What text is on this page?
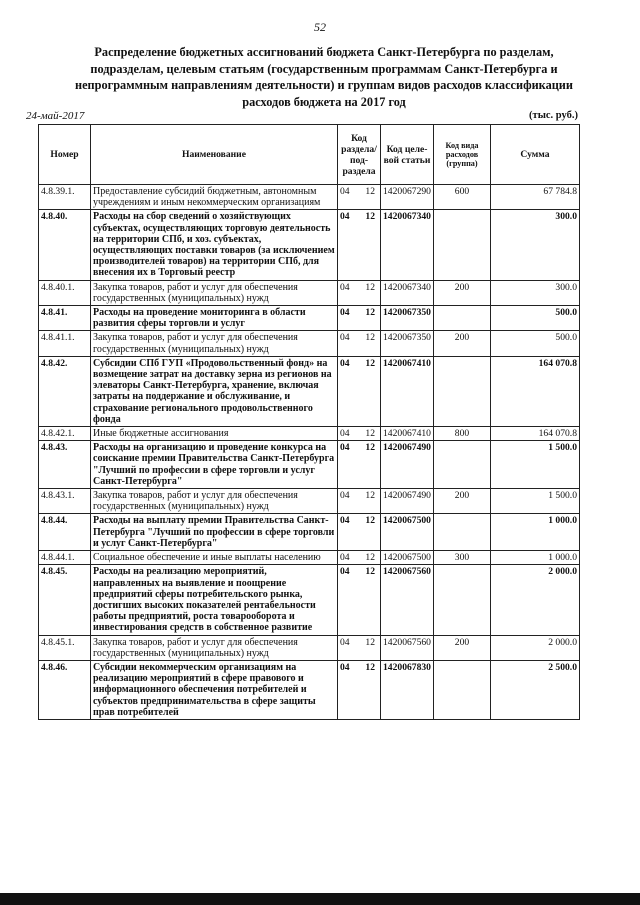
52
Распределение бюджетных ассигнований бюджета Санкт-Петербурга по разделам, подразделам, целевым статьям (государственным программам Санкт-Петербурга и непрограммным направлениям деятельности) и группам видов расходов классификации расходов бюджета на 2017 год
24-май-2017	(тыс. руб.)
Номер	Наименование	Код раздела/ под- раздела	Код целе- вой статьи	Код вида расходов (группа)	Сумма
4.8.39.1.	Предоставление субсидий бюджетным, автономным учреждениям и иным некоммерческим организациям	04 12	1420067290	600	67 784.8
4.8.40.	Расходы на сбор сведений о хозяйствующих субъектах, осуществляющих торговую деятельность на территории СПб, и хоз. субъектах, осуществляющих поставки товаров (за исключением производителей товаров) на территории СПб, для внесения их в Торговый реестр	04 12	1420067340		300.0
4.8.40.1.	Закупка товаров, работ и услуг для обеспечения государственных (муниципальных) нужд	04 12	1420067340	200	300.0
4.8.41.	Расходы на проведение мониторинга в области развития сферы торговли и услуг	04 12	1420067350		500.0
4.8.41.1.	Закупка товаров, работ и услуг для обеспечения государственных (муниципальных) нужд	04 12	1420067350	200	500.0
4.8.42.	Субсидии СПб ГУП «Продовольственный фонд» на возмещение затрат на доставку зерна из регионов на элеваторы Санкт-Петербурга, хранение, включая затраты на поддержание и обслуживание, и страхование регионального продовольственного фонда	04 12	1420067410		164 070.8
4.8.42.1.	Иные бюджетные ассигнования	04 12	1420067410	800	164 070.8
4.8.43.	Расходы на организацию и проведение конкурса на соискание премии Правительства Санкт-Петербурга "Лучший по профессии в сфере торговли и услуг Санкт-Петербурга"	04 12	1420067490		1 500.0
4.8.43.1.	Закупка товаров, работ и услуг для обеспечения государственных (муниципальных) нужд	04 12	1420067490	200	1 500.0
4.8.44.	Расходы на выплату премии Правительства Санкт-Петербурга "Лучший по профессии в сфере торговли и услуг Санкт-Петербурга"	04 12	1420067500		1 000.0
4.8.44.1.	Социальное обеспечение и иные выплаты населению	04 12	1420067500	300	1 000.0
4.8.45.	Расходы на реализацию мероприятий, направленных на выявление и поощрение предприятий сферы потребительского рынка, достигших высоких показателей рентабельности работы предприятий, роста товарооборота и инвестирования средств в собственное развитие	04 12	1420067560		2 000.0
4.8.45.1.	Закупка товаров, работ и услуг для обеспечения государственных (муниципальных) нужд	04 12	1420067560	200	2 000.0
4.8.46.	Субсидии некоммерческим организациям на реализацию мероприятий в сфере правового и информационного обеспечения потребителей и субъектов предпринимательства в сфере защиты прав потребителей	04 12	1420067830		2 500.0
